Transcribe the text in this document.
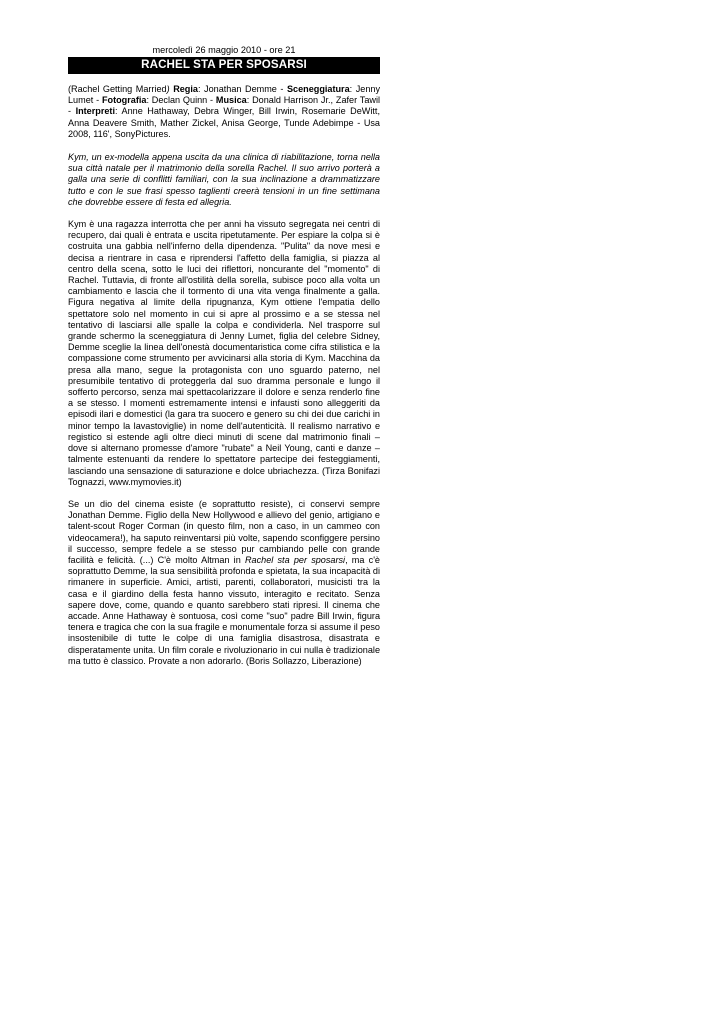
mercoledì 26 maggio 2010 - ore 21
RACHEL STA PER SPOSARSI
(Rachel Getting Married) Regia: Jonathan Demme - Sceneggiatura: Jenny Lumet - Fotografia: Declan Quinn - Musica: Donald Harrison Jr., Zafer Tawil - Interpreti: Anne Hathaway, Debra Winger, Bill Irwin, Rosemarie DeWitt, Anna Deavere Smith, Mather Zickel, Anisa George, Tunde Adebimpe - Usa 2008, 116', SonyPictures.

Kym, un ex-modella appena uscita da una clinica di riabilitazione, torna nella sua città natale per il matrimonio della sorella Rachel. Il suo arrivo porterà a galla una serie di conflitti familiari, con la sua inclinazione a drammatizzare tutto e con le sue frasi spesso taglienti creerà tensioni in un fine settimana che dovrebbe essere di festa ed allegria.

Kym è una ragazza interrotta che per anni ha vissuto segregata nei centri di recupero, dai quali è entrata e uscita ripetutamente. Per espiare la colpa si è costruita una gabbia nell'inferno della dipendenza. "Pulita" da nove mesi e decisa a rientrare in casa e riprendersi l'affetto della famiglia, si piazza al centro della scena, sotto le luci dei riflettori, noncurante del "momento" di Rachel. Tuttavia, di fronte all'ostilità della sorella, subisce poco alla volta un cambiamento e lascia che il tormento di una vita venga finalmente a galla. Figura negativa al limite della ripugnanza, Kym ottiene l'empatia dello spettatore solo nel momento in cui si apre al prossimo e a se stessa nel tentativo di lasciarsi alle spalle la colpa e condividerla. Nel trasporre sul grande schermo la sceneggiatura di Jenny Lumet, figlia del celebre Sidney, Demme sceglie la linea dell'onestà documentaristica come cifra stilistica e la compassione come strumento per avvicinarsi alla storia di Kym. Macchina da presa alla mano, segue la protagonista con uno sguardo paterno, nel presumibile tentativo di proteggerla dal suo dramma personale e lungo il sofferto percorso, senza mai spettacolarizzare il dolore e senza renderlo fine a se stesso. I momenti estremamente intensi e infausti sono alleggeriti da episodi ilari e domestici (la gara tra suocero e genero su chi dei due carichi in minor tempo la lavastoviglie) in nome dell'autenticità. Il realismo narrativo e registico si estende agli oltre dieci minuti di scene dal matrimonio finali – dove si alternano promesse d'amore "rubate" a Neil Young, canti e danze – talmente estenuanti da rendere lo spettatore partecipe dei festeggiamenti, lasciando una sensazione di saturazione e dolce ubriachezza. (Tirza Bonifazi Tognazzi, www.mymovies.it)

Se un dio del cinema esiste (e soprattutto resiste), ci conservi sempre Jonathan Demme. Figlio della New Hollywood e allievo del genio, artigiano e talent-scout Roger Corman (in questo film, non a caso, in un cammeo con videocamera!), ha saputo reinventarsi più volte, sapendo sconfiggere persino il successo, sempre fedele a se stesso pur cambiando pelle con grande facilità e felicità. (...) C'è molto Altman in Rachel sta per sposarsi, ma c'è soprattutto Demme, la sua sensibilità profonda e spietata, la sua incapacità di rimanere in superficie. Amici, artisti, parenti, collaboratori, musicisti tra la casa e il giardino della festa hanno vissuto, interagito e recitato. Senza sapere dove, come, quando e quanto sarebbero stati ripresi. Il cinema che accade. Anne Hathaway è sontuosa, così come "suo" padre Bill Irwin, figura tenera e tragica che con la sua fragile e monumentale forza si assume il peso insostenibile di tutte le colpe di una famiglia disastrosa, disastrata e disperatamente unita. Un film corale e rivoluzionario in cui nulla è tradizionale ma tutto è classico. Provate a non adorarlo. (Boris Sollazzo, Liberazione)
